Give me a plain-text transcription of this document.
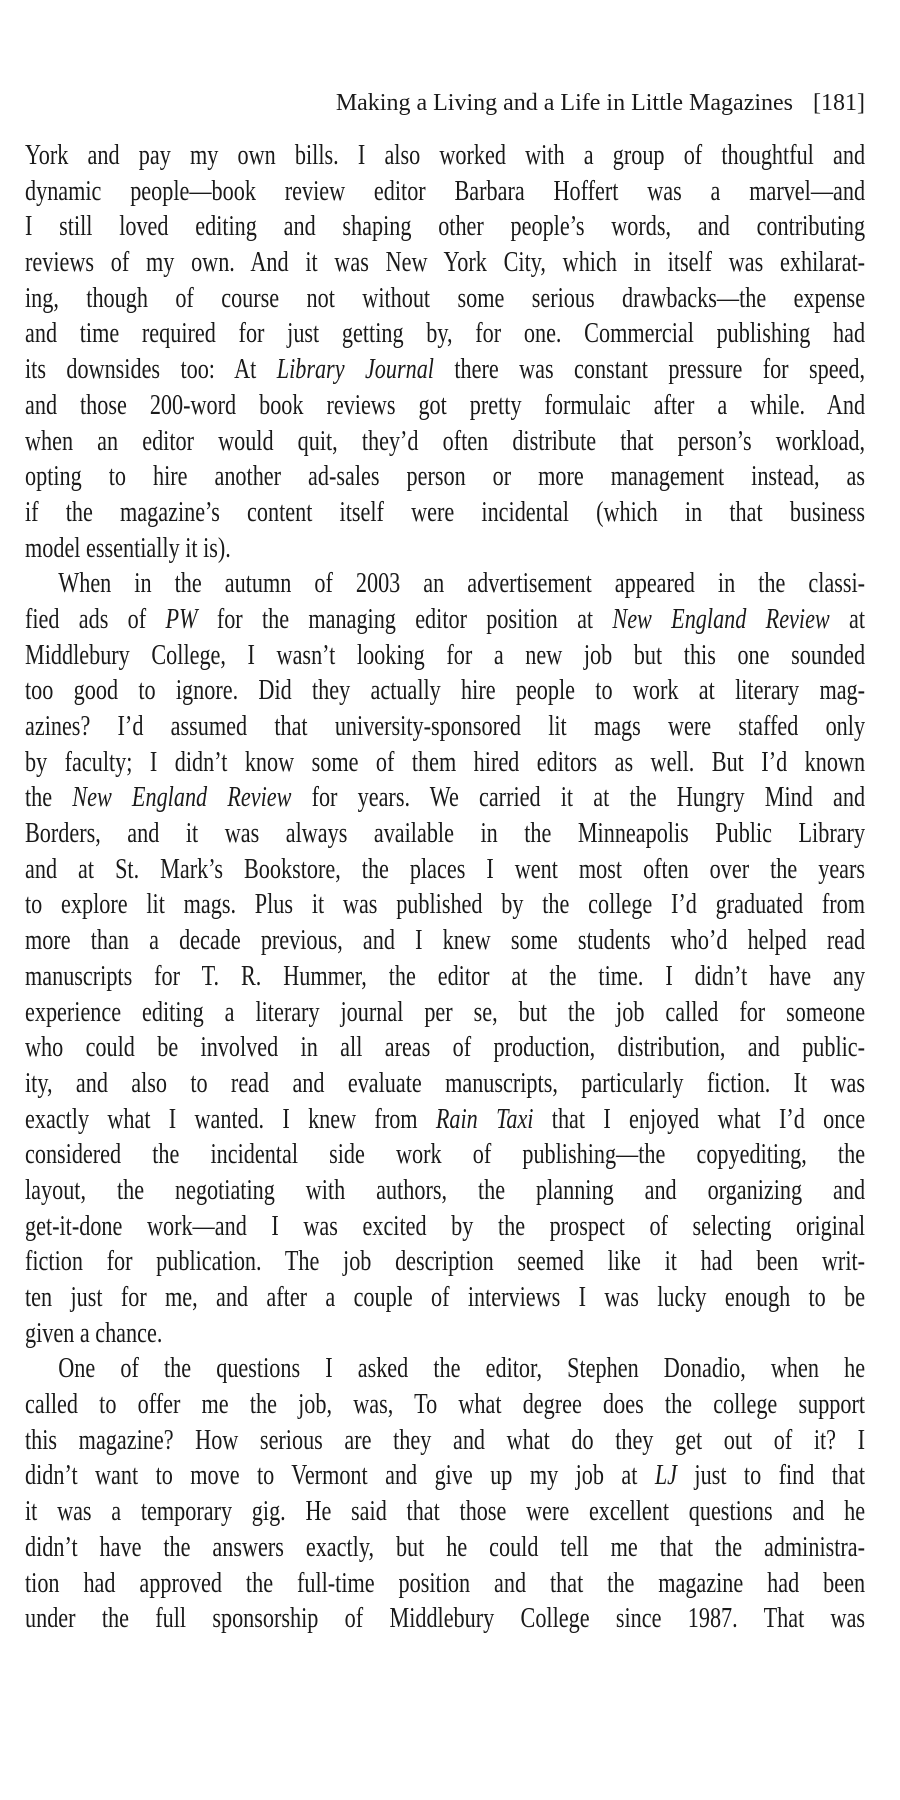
Making a Living and a Life in Little Magazines [181]
York and pay my own bills. I also worked with a group of thoughtful and
dynamic people—book review editor Barbara Hoffert was a marvel—and
I still loved editing and shaping other people’s words, and contributing
reviews of my own. And it was New York City, which in itself was exhilarat-
ing, though of course not without some serious drawbacks—the expense
and time required for just getting by, for one. Commercial publishing had
its downsides too: At Library Journal there was constant pressure for speed,
and those 200-word book reviews got pretty formulaic after a while. And
when an editor would quit, they’d often distribute that person’s workload,
opting to hire another ad-sales person or more management instead, as
if the magazine’s content itself were incidental (which in that business
model essentially it is).
When in the autumn of 2003 an advertisement appeared in the classi-
fied ads of PW for the managing editor position at New England Review at
Middlebury College, I wasn’t looking for a new job but this one sounded
too good to ignore. Did they actually hire people to work at literary mag-
azines? I’d assumed that university-sponsored lit mags were staffed only
by faculty; I didn’t know some of them hired editors as well. But I’d known
the New England Review for years. We carried it at the Hungry Mind and
Borders, and it was always available in the Minneapolis Public Library
and at St. Mark’s Bookstore, the places I went most often over the years
to explore lit mags. Plus it was published by the college I’d graduated from
more than a decade previous, and I knew some students who’d helped read
manuscripts for T. R. Hummer, the editor at the time. I didn’t have any
experience editing a literary journal per se, but the job called for someone
who could be involved in all areas of production, distribution, and public-
ity, and also to read and evaluate manuscripts, particularly fiction. It was
exactly what I wanted. I knew from Rain Taxi that I enjoyed what I’d once
considered the incidental side work of publishing—the copyediting, the
layout, the negotiating with authors, the planning and organizing and
get-it-done work—and I was excited by the prospect of selecting original
fiction for publication. The job description seemed like it had been writ-
ten just for me, and after a couple of interviews I was lucky enough to be
given a chance.
One of the questions I asked the editor, Stephen Donadio, when he
called to offer me the job, was, To what degree does the college support
this magazine? How serious are they and what do they get out of it? I
didn’t want to move to Vermont and give up my job at LJ just to find that
it was a temporary gig. He said that those were excellent questions and he
didn’t have the answers exactly, but he could tell me that the administra-
tion had approved the full-time position and that the magazine had been
under the full sponsorship of Middlebury College since 1987. That was
